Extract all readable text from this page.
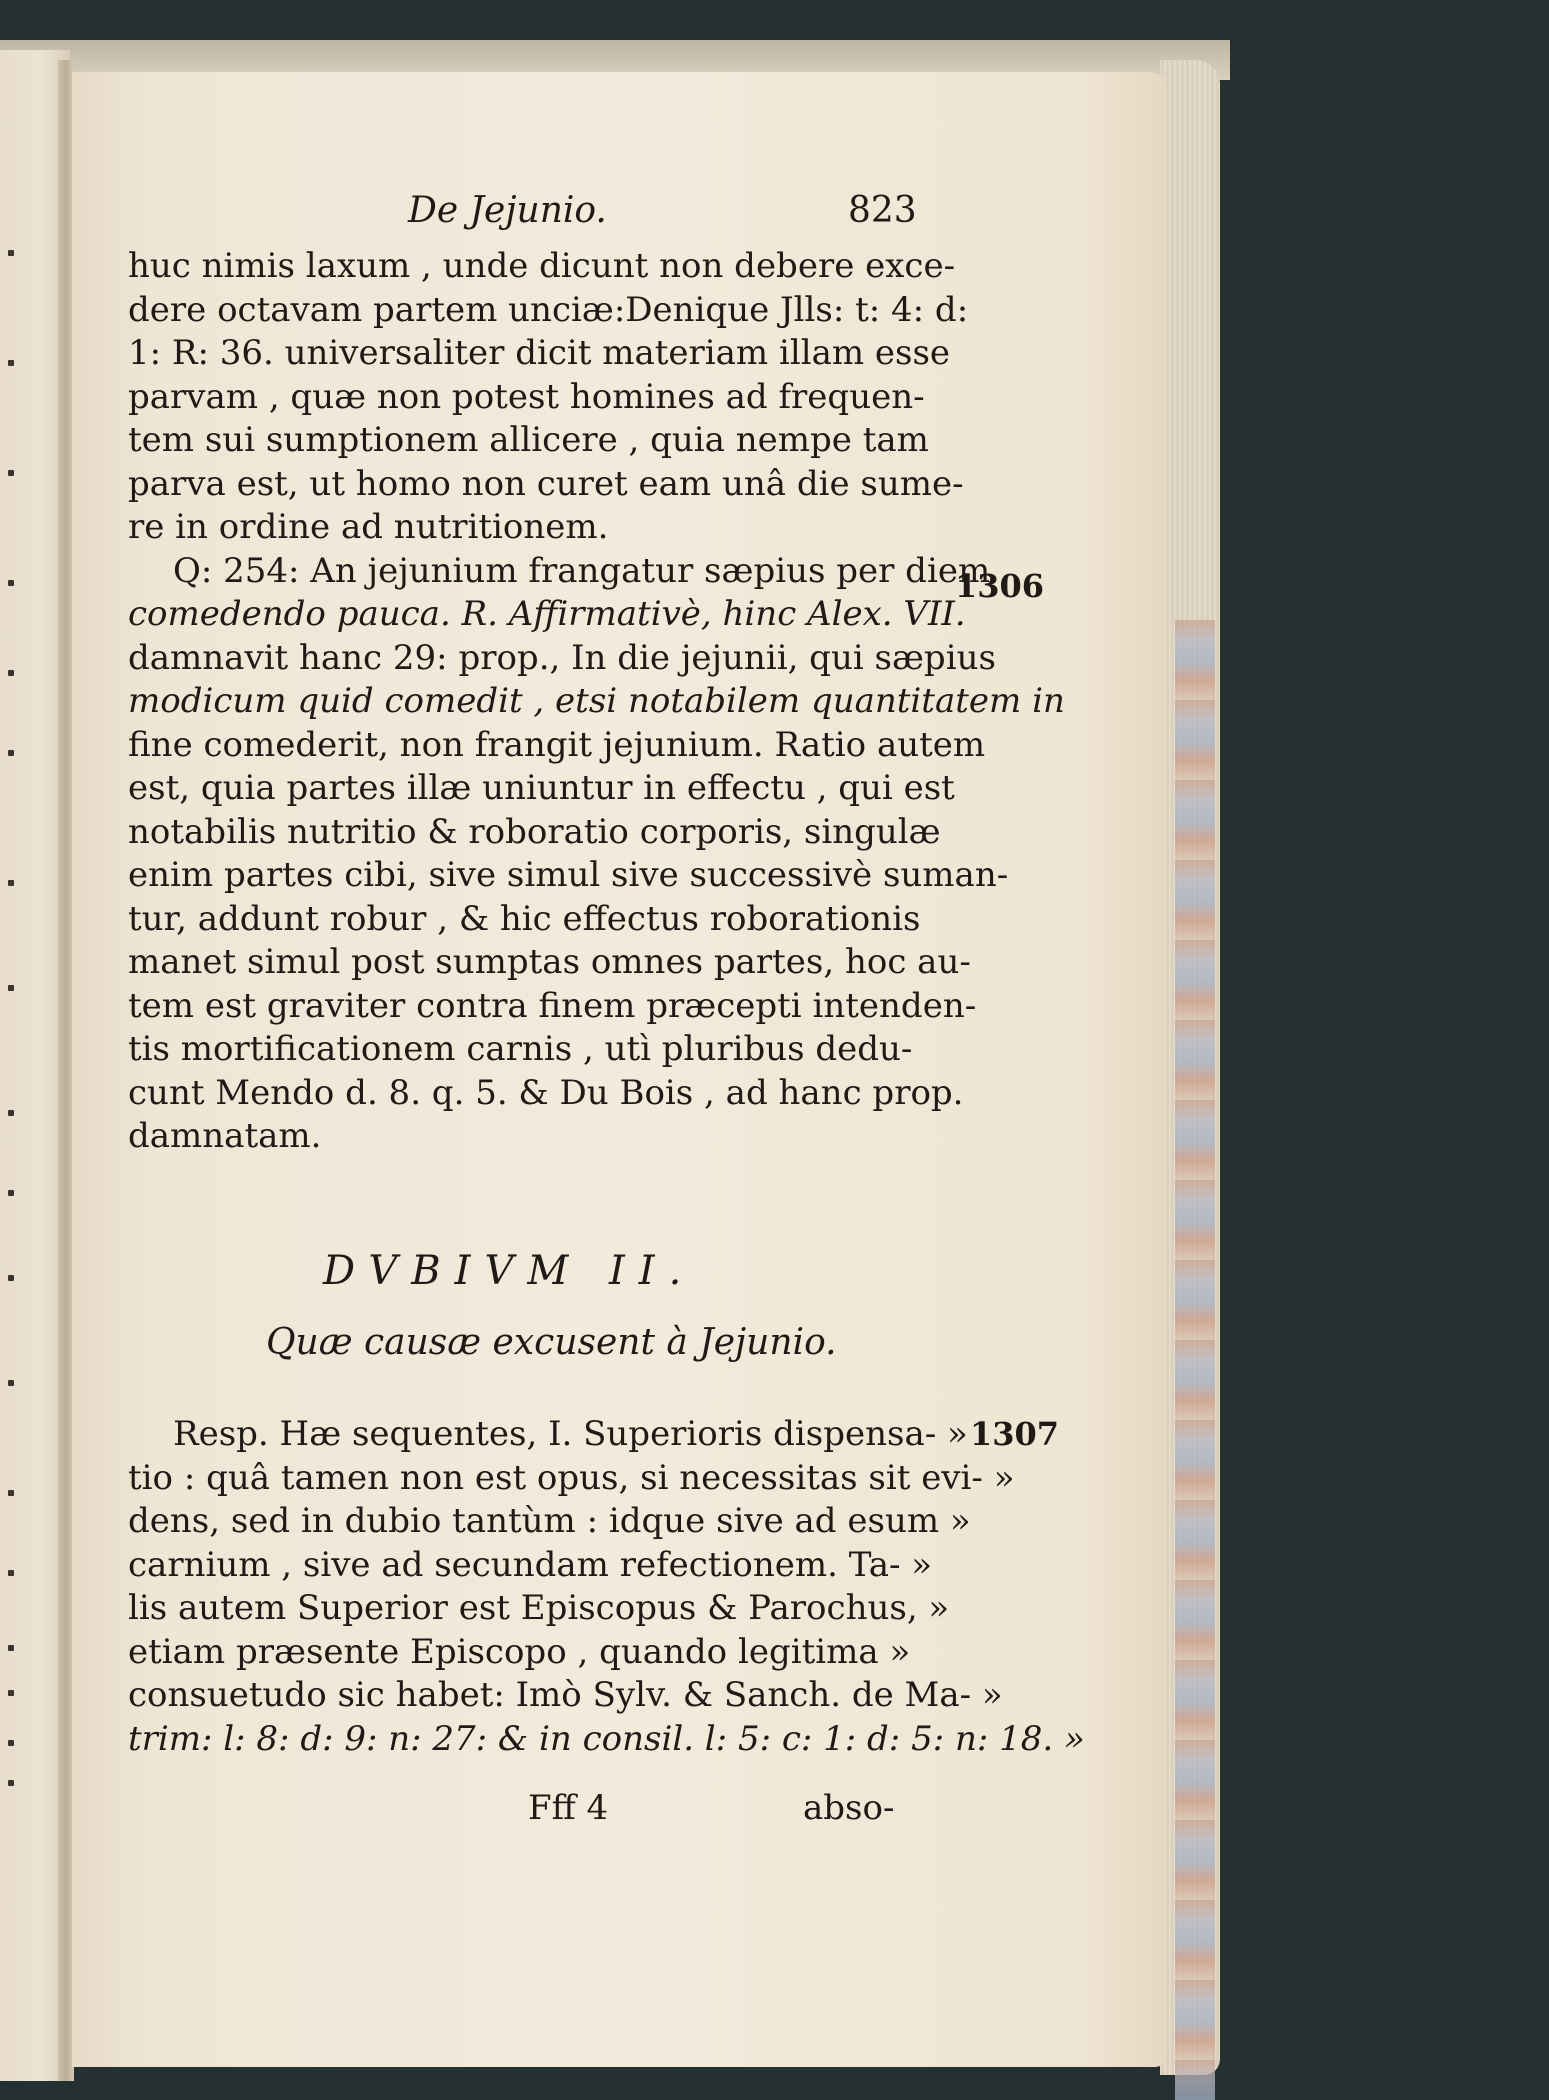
De Jejunio.	823
huc nimis laxum , unde dicunt non debere exce-
dere octavam partem unciæ:Denique Jlls: t: 4: d:
1: R: 36. universaliter dicit materiam illam esse
parvam , quæ non potest homines ad frequen-
tem sui sumptionem allicere , quia nempe tam
parva est, ut homo non curet eam unâ die sume-
re in ordine ad nutritionem.
Q: 254: An jejunium frangatur sæpius per diem
comedendo pauca. R. Affirmativè, hinc Alex. VII.
damnavit hanc 29: prop., In die jejunii, qui sæpius
modicum quid comedit , etsi notabilem quantitatem in
fine comederit, non frangit jejunium. Ratio autem
est, quia partes illæ uniuntur in effectu , qui est
notabilis nutritio & roboratio corporis, singulæ
enim partes cibi, sive simul sive successivè suman-
tur, addunt robur , & hic effectus roborationis
manet simul post sumptas omnes partes, hoc au-
tem est graviter contra finem præcepti intenden-
tis mortificationem carnis , utì pluribus dedu-
cunt Mendo d. 8. q. 5. & Du Bois , ad hanc prop.
damnatam.
1306
DVBIVM II.
Quæ causæ excusent à Jejunio.
Resp. Hæ sequentes, I. Superioris dispensa- »
tio : quâ tamen non est opus, si necessitas sit evi- »
dens, sed in dubio tantùm : idque sive ad esum »
carnium , sive ad secundam refectionem. Ta- »
lis autem Superior est Episcopus & Parochus, »
etiam præsente Episcopo , quando legitima »
consuetudo sic habet: Imò Sylv. & Sanch. de Ma- »
trim: l: 8: d: 9: n: 27: & in consil. l: 5: c: 1: d: 5: n: 18. »
1307
Fff 4	abso-
